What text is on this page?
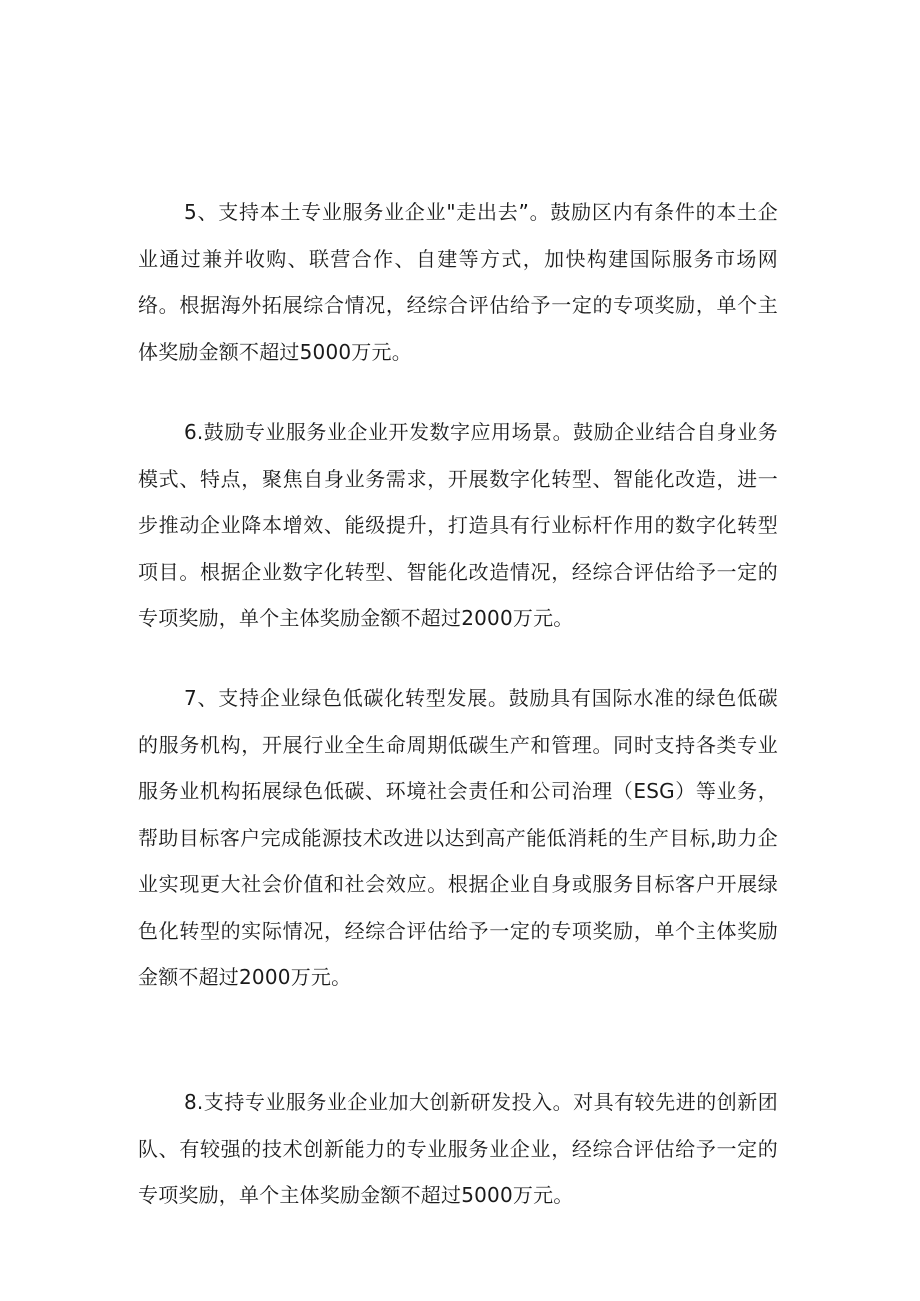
5、支持本土专业服务业企业"走出去”。鼓励区内有条件的本土企业通过兼并收购、联营合作、自建等方式，加快构建国际服务市场网络。根据海外拓展综合情况，经综合评估给予一定的专项奖励，单个主体奖励金额不超过5000万元。

6.鼓励专业服务业企业开发数字应用场景。鼓励企业结合自身业务模式、特点，聚焦自身业务需求，开展数字化转型、智能化改造，进一步推动企业降本增效、能级提升，打造具有行业标杆作用的数字化转型项目。根据企业数字化转型、智能化改造情况，经综合评估给予一定的专项奖励，单个主体奖励金额不超过2000万元。

7、支持企业绿色低碳化转型发展。鼓励具有国际水准的绿色低碳的服务机构，开展行业全生命周期低碳生产和管理。同时支持各类专业服务业机构拓展绿色低碳、环境社会责任和公司治理（ESG）等业务，帮助目标客户完成能源技术改进以达到高产能低消耗的生产目标,助力企业实现更大社会价值和社会效应。根据企业自身或服务目标客户开展绿色化转型的实际情况，经综合评估给予一定的专项奖励，单个主体奖励金额不超过2000万元。

8.支持专业服务业企业加大创新研发投入。对具有较先进的创新团队、有较强的技术创新能力的专业服务业企业，经综合评估给予一定的专项奖励，单个主体奖励金额不超过5000万元。
